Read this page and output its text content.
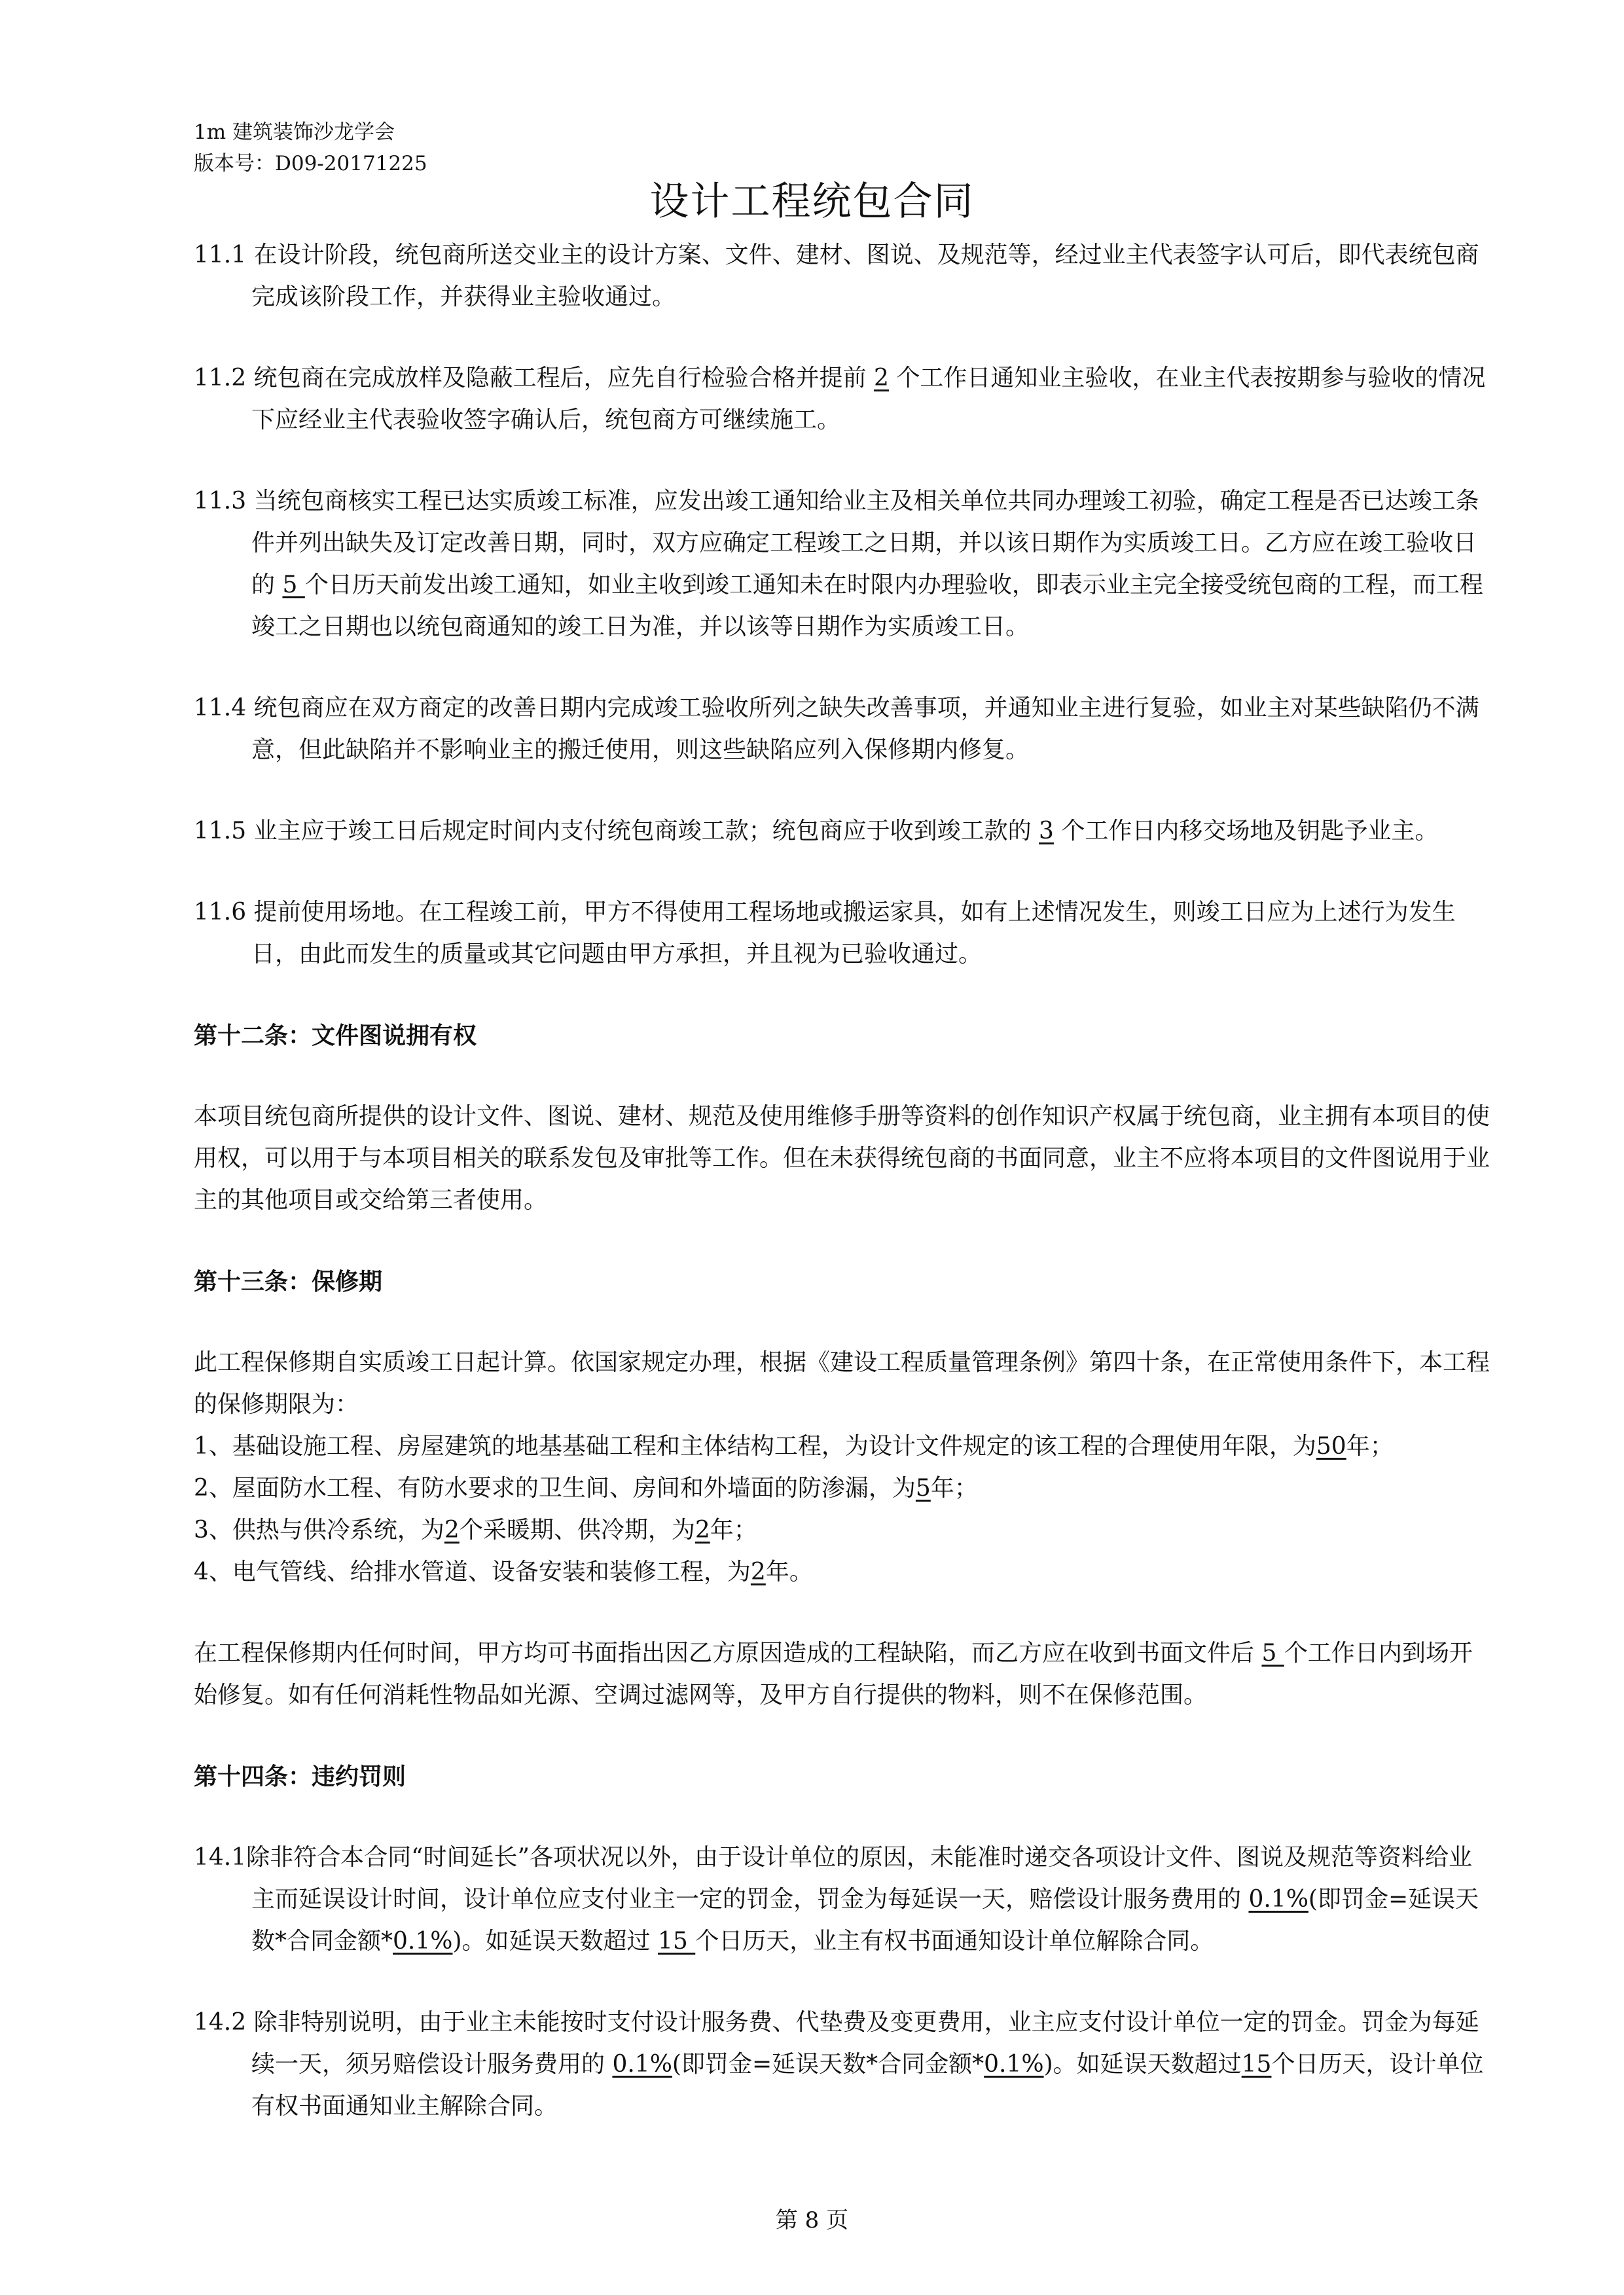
1m 建筑装饰沙龙学会
版本号：D09-20171225
设计工程统包合同

11.1 在设计阶段，统包商所送交业主的设计方案、文件、建材、图说、及规范等，经过业主代表签字认可后，即代表统包商完成该阶段工作，并获得业主验收通过。

11.2 统包商在完成放样及隐蔽工程后，应先自行检验合格并提前 2 个工作日通知业主验收，在业主代表按期参与验收的情况下应经业主代表验收签字确认后，统包商方可继续施工。

11.3 当统包商核实工程已达实质竣工标准，应发出竣工通知给业主及相关单位共同办理竣工初验，确定工程是否已达竣工条件并列出缺失及订定改善日期，同时，双方应确定工程竣工之日期，并以该日期作为实质竣工日。乙方应在竣工验收日的 5 个日历天前发出竣工通知，如业主收到竣工通知未在时限内办理验收，即表示业主完全接受统包商的工程，而工程竣工之日期也以统包商通知的竣工日为准，并以该等日期作为实质竣工日。

11.4 统包商应在双方商定的改善日期内完成竣工验收所列之缺失改善事项，并通知业主进行复验，如业主对某些缺陷仍不满意，但此缺陷并不影响业主的搬迁使用，则这些缺陷应列入保修期内修复。

11.5 业主应于竣工日后规定时间内支付统包商竣工款；统包商应于收到竣工款的 3 个工作日内移交场地及钥匙予业主。

11.6 提前使用场地。在工程竣工前，甲方不得使用工程场地或搬运家具，如有上述情况发生，则竣工日应为上述行为发生日，由此而发生的质量或其它问题由甲方承担，并且视为已验收通过。

第十二条：文件图说拥有权

本项目统包商所提供的设计文件、图说、建材、规范及使用维修手册等资料的创作知识产权属于统包商，业主拥有本项目的使用权，可以用于与本项目相关的联系发包及审批等工作。但在未获得统包商的书面同意，业主不应将本项目的文件图说用于业主的其他项目或交给第三者使用。

第十三条：保修期

此工程保修期自实质竣工日起计算。依国家规定办理，根据《建设工程质量管理条例》第四十条，在正常使用条件下，本工程的保修期限为：

1、基础设施工程、房屋建筑的地基基础工程和主体结构工程，为设计文件规定的该工程的合理使用年限，为50年；

2、屋面防水工程、有防水要求的卫生间、房间和外墙面的防渗漏，为5年；

3、供热与供冷系统，为2个采暖期、供冷期，为2年；

4、电气管线、给排水管道、设备安装和装修工程，为2年。

在工程保修期内任何时间，甲方均可书面指出因乙方原因造成的工程缺陷，而乙方应在收到书面文件后 5 个工作日内到场开始修复。如有任何消耗性物品如光源、空调过滤网等，及甲方自行提供的物料，则不在保修范围。

第十四条：违约罚则

14.1除非符合本合同“时间延长”各项状况以外，由于设计单位的原因，未能准时递交各项设计文件、图说及规范等资料给业主而延误设计时间，设计单位应支付业主一定的罚金，罚金为每延误一天，赔偿设计服务费用的 0.1%(即罚金=延误天数*合同金额*0.1%)。如延误天数超过 15 个日历天，业主有权书面通知设计单位解除合同。

14.2 除非特别说明，由于业主未能按时支付设计服务费、代垫费及变更费用，业主应支付设计单位一定的罚金。罚金为每延续一天，须另赔偿设计服务费用的 0.1%(即罚金=延误天数*合同金额*0.1%)。如延误天数超过15个日历天，设计单位有权书面通知业主解除合同。

第 8 页
